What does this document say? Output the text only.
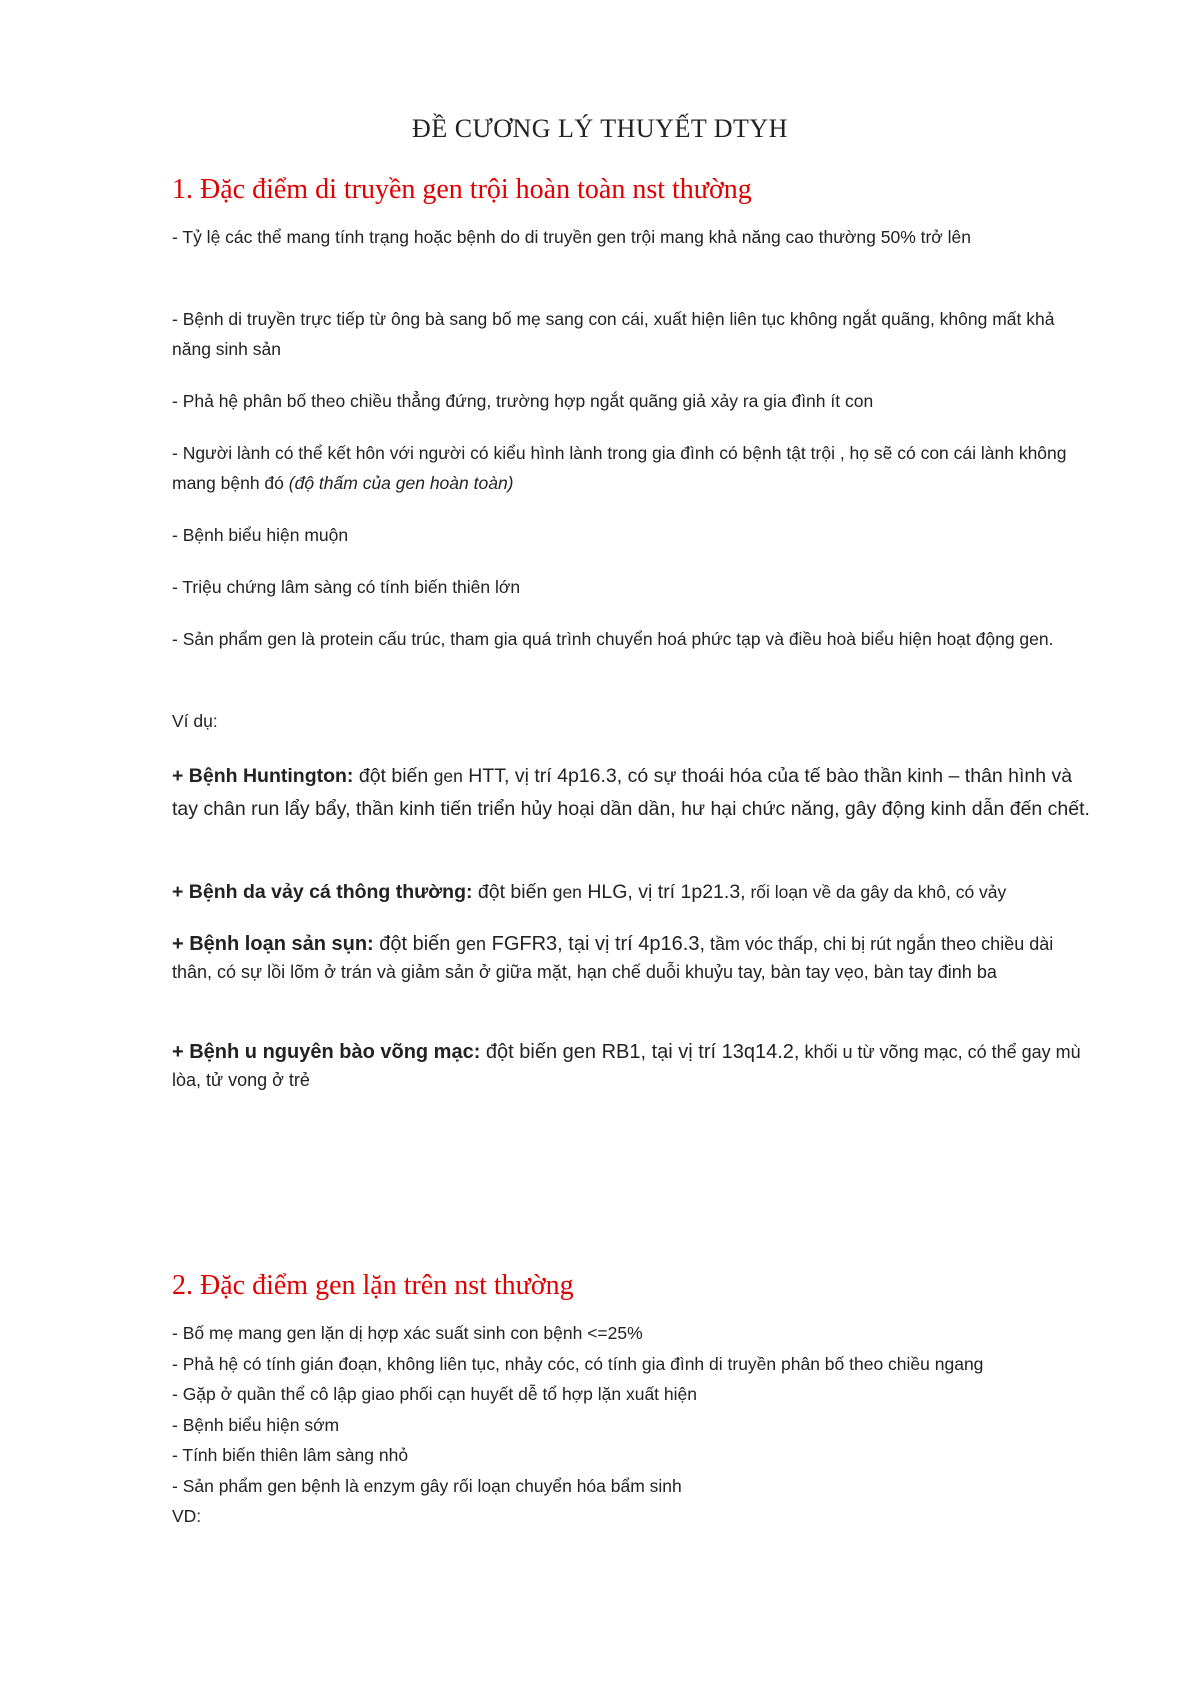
ĐỀ CƯƠNG LÝ THUYẾT DTYH
1. Đặc điểm di truyền gen trội hoàn toàn nst thường
- Tỷ lệ các thể mang tính trạng hoặc bệnh do di truyền gen trội mang khả năng cao thường 50% trở lên
- Bệnh di truyền trực tiếp từ ông bà sang bố mẹ sang con cái, xuất hiện liên tục không ngắt quãng, không mất khả năng sinh sản
- Phả hệ phân bố theo chiều thẳng đứng, trường hợp ngắt quãng giả xảy ra gia đình ít con
- Người lành có thể kết hôn với người có kiểu hình lành trong gia đình có bệnh tật trội , họ sẽ có con cái lành không mang bệnh đó (độ thấm của gen hoàn toàn)
- Bệnh biểu hiện muộn
- Triệu chứng lâm sàng có tính biến thiên lớn
- Sản phẩm gen là protein cấu trúc, tham gia quá trình chuyển hoá phức tạp và điều hoà biểu hiện hoạt động gen.
Ví dụ:
+ Bệnh Huntington: đột biến gen HTT, vị trí 4p16.3, có sự thoái hóa của tế bào thần kinh – thân hình và tay chân run lẩy bẩy, thần kinh tiến triển hủy hoại dần dần, hư hại chức năng, gây động kinh dẫn đến chết.
+ Bệnh da vảy cá thông thường: đột biến gen HLG, vị trí 1p21.3, rối loạn về da gây da khô, có vảy
+ Bệnh loạn sản sụn: đột biến gen FGFR3, tại vị trí 4p16.3, tầm vóc thấp, chi bị rút ngắn theo chiều dài thân, có sự lồi lõm ở trán và giảm sản ở giữa mặt, hạn chế duỗi khuỷu tay, bàn tay vẹo, bàn tay đinh ba
+ Bệnh u nguyên bào võng mạc: đột biến gen RB1, tại vị trí 13q14.2, khối u từ võng mạc, có thể gay mù lòa, tử vong ở trẻ
2. Đặc điểm gen lặn trên nst thường
- Bố mẹ mang gen lặn dị hợp xác suất sinh con bệnh <=25%
- Phả hệ có tính gián đoạn, không liên tục, nhảy cóc, có tính gia đình di truyền phân bố theo chiều ngang
- Gặp ở quần thể cô lập giao phối cạn huyết dễ tổ hợp lặn xuất hiện
- Bệnh biểu hiện sớm
- Tính biến thiên lâm sàng nhỏ
- Sản phẩm gen bệnh là enzym gây rối loạn chuyển hóa bẩm sinh
VD:
